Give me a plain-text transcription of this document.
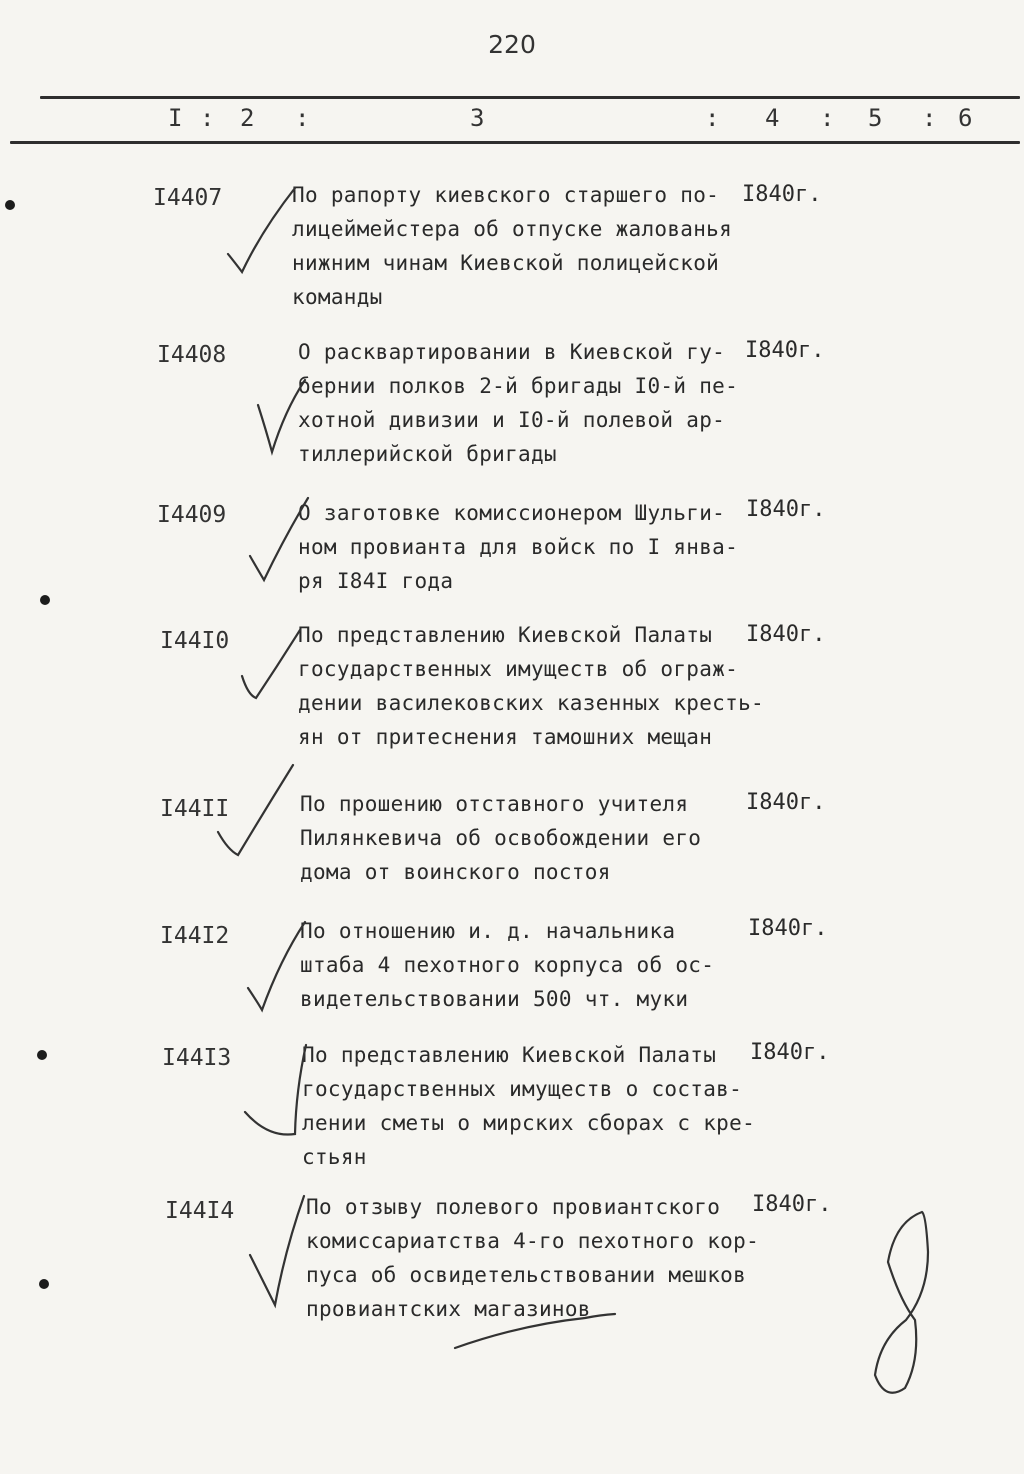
220
I : 2 :	3	: 4 : 5 : 6
I4407	По рапорту киевского старшего по-
лицеймейстера об отпуске жалованья
нижним чинам Киевской полицейской
команды
I840г.
I4408	О расквартировании в Киевской гу-
бернии полков 2-й бригады I0-й пе-
хотной дивизии и I0-й полевой ар-
тиллерийской бригады
I840г.
I4409	О заготовке комиссионером Шульги-
ном провианта для войск по I янва-
ря I84I года
I840г.
I44I0	По представлению Киевской Палаты
государственных имуществ об ограж-
дении василековских казенных кресть-
ян от притеснения тамошних мещан
I840г.
I44II	По прошению отставного учителя
Пилянкевича об освобождении его
дома от воинского постоя
I840г.
I44I2	По отношению и. д. начальника
штаба 4 пехотного корпуса об ос-
видетельствовании 500 чт. муки
I840г.
I44I3	По представлению Киевской Палаты
государственных имуществ о состав-
лении сметы о мирских сборах с кре-
стьян
I840г.
I44I4	По отзыву полевого провиантского
комиссариатства 4-го пехотного кор-
пуса об освидетельствовании мешков
провиантских магазинов
I840г.
